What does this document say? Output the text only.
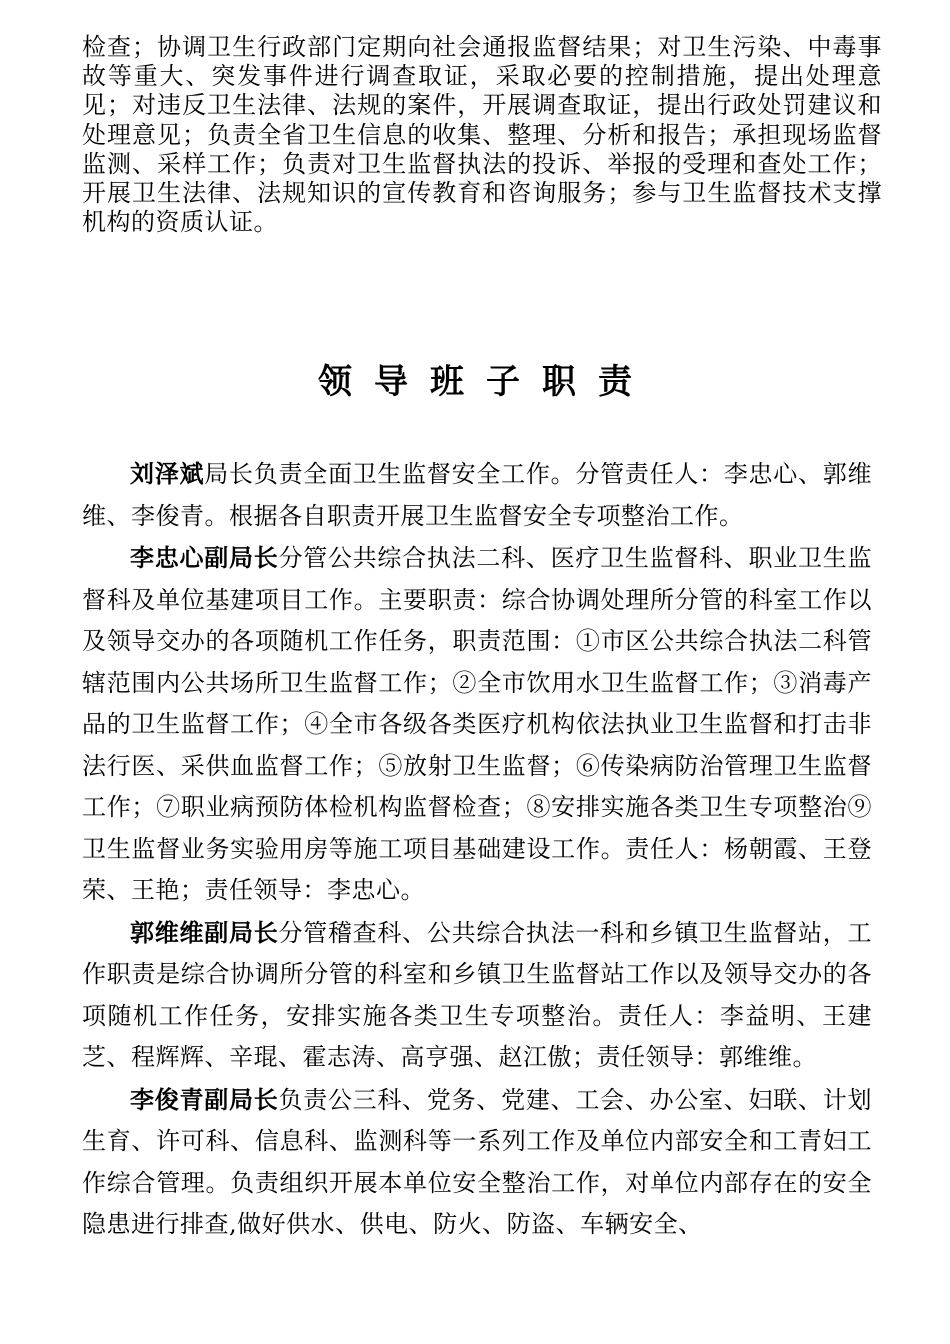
检查；协调卫生行政部门定期向社会通报监督结果；对卫生污染、中毒事故等重大、突发事件进行调查取证，采取必要的控制措施，提出处理意见；对违反卫生法律、法规的案件，开展调查取证，提出行政处罚建议和处理意见；负责全省卫生信息的收集、整理、分析和报告；承担现场监督监测、采样工作；负责对卫生监督执法的投诉、举报的受理和查处工作；开展卫生法律、法规知识的宣传教育和咨询服务；参与卫生监督技术支撑机构的资质认证。
领导班子职责

刘泽斌局长负责全面卫生监督安全工作。分管责任人：李忠心、郭维维、李俊青。根据各自职责开展卫生监督安全专项整治工作。

李忠心副局长分管公共综合执法二科、医疗卫生监督科、职业卫生监督科及单位基建项目工作。主要职责：综合协调处理所分管的科室工作以及领导交办的各项随机工作任务，职责范围：①市区公共综合执法二科管辖范围内公共场所卫生监督工作；②全市饮用水卫生监督工作；③消毒产品的卫生监督工作；④全市各级各类医疗机构依法执业卫生监督和打击非法行医、采供血监督工作；⑤放射卫生监督；⑥传染病防治管理卫生监督工作；⑦职业病预防体检机构监督检查；⑧安排实施各类卫生专项整治⑨卫生监督业务实验用房等施工项目基础建设工作。责任人：杨朝霞、王登荣、王艳；责任领导：李忠心。

郭维维副局长分管稽查科、公共综合执法一科和乡镇卫生监督站，工作职责是综合协调所分管的科室和乡镇卫生监督站工作以及领导交办的各项随机工作任务，安排实施各类卫生专项整治。责任人：李益明、王建芝、程辉辉、辛琨、霍志涛、高亨强、赵江傲；责任领导：郭维维。

李俊青副局长负责公三科、党务、党建、工会、办公室、妇联、计划生育、许可科、信息科、监测科等一系列工作及单位内部安全和工青妇工作综合管理。负责组织开展本单位安全整治工作，对单位内部存在的安全隐患进行排查,做好供水、供电、防火、防盗、车辆安全、
